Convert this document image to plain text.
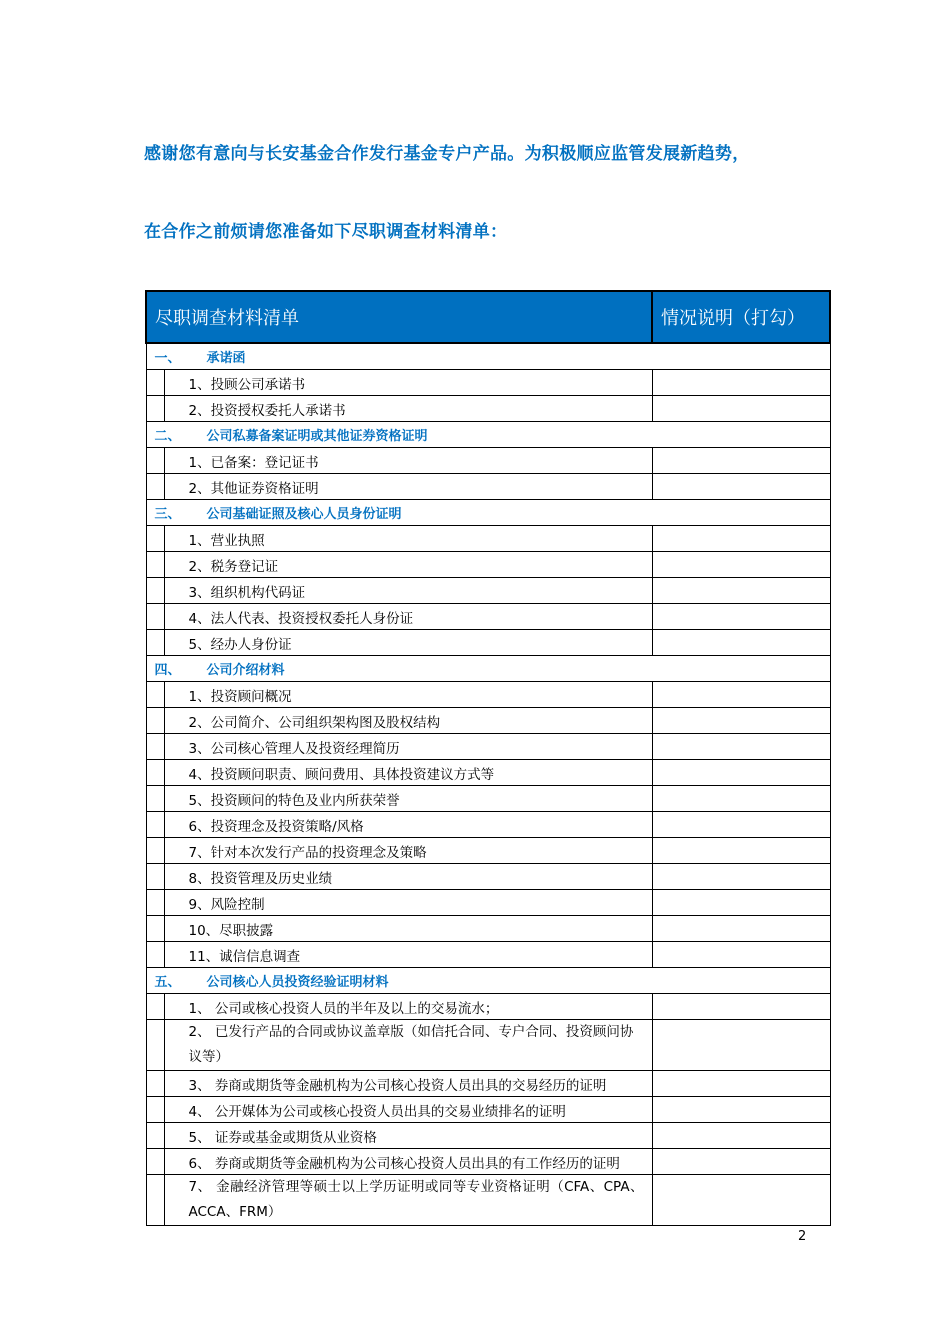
感谢您有意向与长安基金合作发行基金专户产品。为积极顺应监管发展新趋势，
在合作之前烦请您准备如下尽职调查材料清单：
尽职调查材料清单		情况说明（打勾）
一、 承诺函		
	1、投顾公司承诺书	
	2、投资授权委托人承诺书	
二、 公司私募备案证明或其他证券资格证明		
	1、已备案：登记证书	
	2、其他证券资格证明	
三、 公司基础证照及核心人员身份证明		
	1、营业执照	
	2、税务登记证	
	3、组织机构代码证	
	4、法人代表、投资授权委托人身份证	
	5、经办人身份证	
四、 公司介绍材料		
	1、投资顾问概况	
	2、公司简介、公司组织架构图及股权结构	
	3、公司核心管理人及投资经理简历	
	4、投资顾问职责、顾问费用、具体投资建议方式等	
	5、投资顾问的特色及业内所获荣誉	
	6、投资理念及投资策略/风格	
	7、针对本次发行产品的投资理念及策略	
	8、投资管理及历史业绩	
	9、风险控制	
	10、尽职披露	
	11、诚信信息调查	
五、 公司核心人员投资经验证明材料		
	1、 公司或核心投资人员的半年及以上的交易流水；	
	2、 已发行产品的合同或协议盖章版（如信托合同、专户合同、投资顾问协议等）	
	3、 券商或期货等金融机构为公司核心投资人员出具的交易经历的证明	
	4、 公开媒体为公司或核心投资人员出具的交易业绩排名的证明	
	5、 证券或基金或期货从业资格	
	6、 券商或期货等金融机构为公司核心投资人员出具的有工作经历的证明	
	7、 金融经济管理等硕士以上学历证明或同等专业资格证明（CFA、CPA、ACCA、FRM）	
2
